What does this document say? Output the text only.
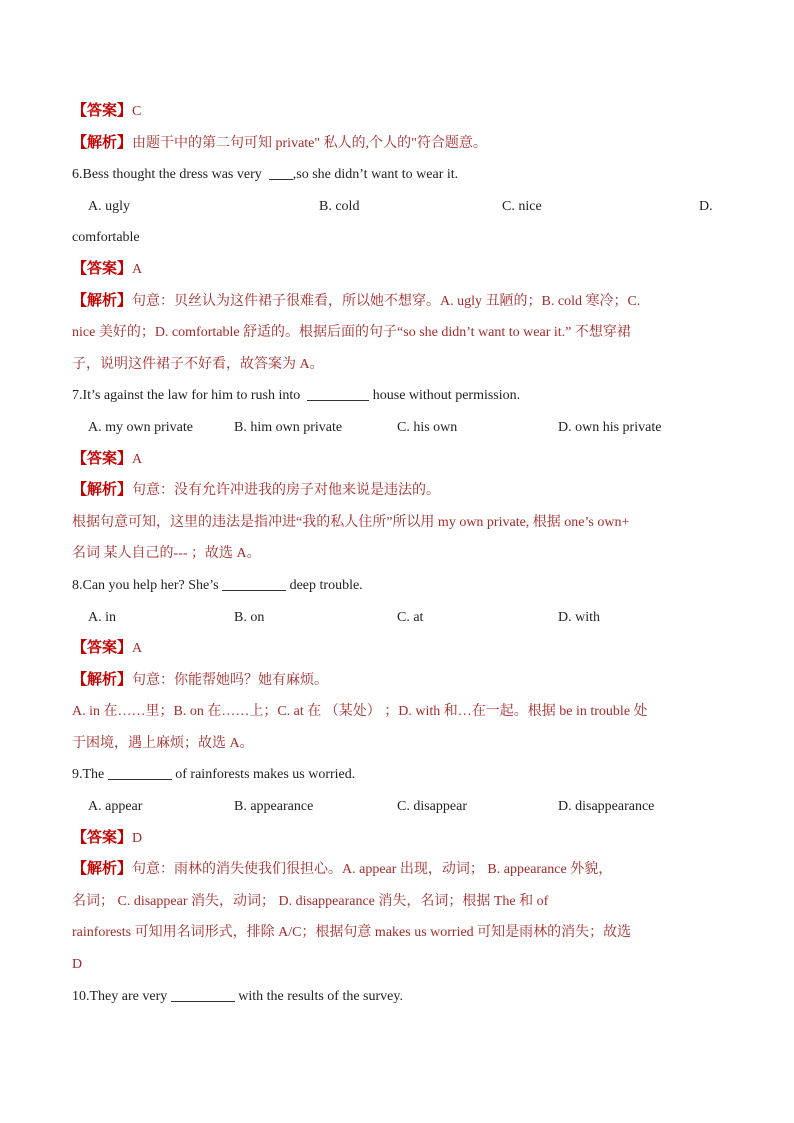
【答案】C
【解析】由题干中的第二句可知 private" 私人的,个人的"符合题意。
6.Bess thought the dress was very ,so she didn’t want to wear it.
A. ugly	B. cold	C. nice	D.
comfortable
【答案】A
【解析】句意：贝丝认为这件裙子很难看，所以她不想穿。A. ugly 丑陋的；B. cold 寒冷；C.
nice 美好的；D. comfortable 舒适的。根据后面的句子“so she didn’t want to wear it.” 不想穿裙
子，说明这件裙子不好看，故答案为 A。
7.It’s against the law for him to rush into	house without permission.
A. my own private	B. him own private	C. his own	D. own his private
【答案】A
【解析】句意：没有允许冲进我的房子对他来说是违法的。
根据句意可知，这里的违法是指冲进“我的私人住所”所以用 my own private, 根据 one’s own+
名词 某人自己的--- ；故选 A。
8.Can you help her? She’s	deep trouble.
A. in	B. on	C. at	D. with
【答案】A
【解析】句意：你能帮她吗？她有麻烦。
A. in 在……里；B. on 在……上；C. at 在 （某处） ；D. with 和…在一起。根据 be in trouble 处
于困境，遇上麻烦；故选 A。
9.The	of rainforests makes us worried.
A. appear	B. appearance	C. disappear	D. disappearance
【答案】D
【解析】句意：雨林的消失使我们很担心。A. appear 出现，动词； B. appearance 外貌，
名词； C. disappear 消失，动词； D. disappearance 消失，名词；根据 The 和 of
rainforests 可知用名词形式，排除 A/C；根据句意 makes us worried 可知是雨林的消失；故选
D
10.They are very	with the results of the survey.
